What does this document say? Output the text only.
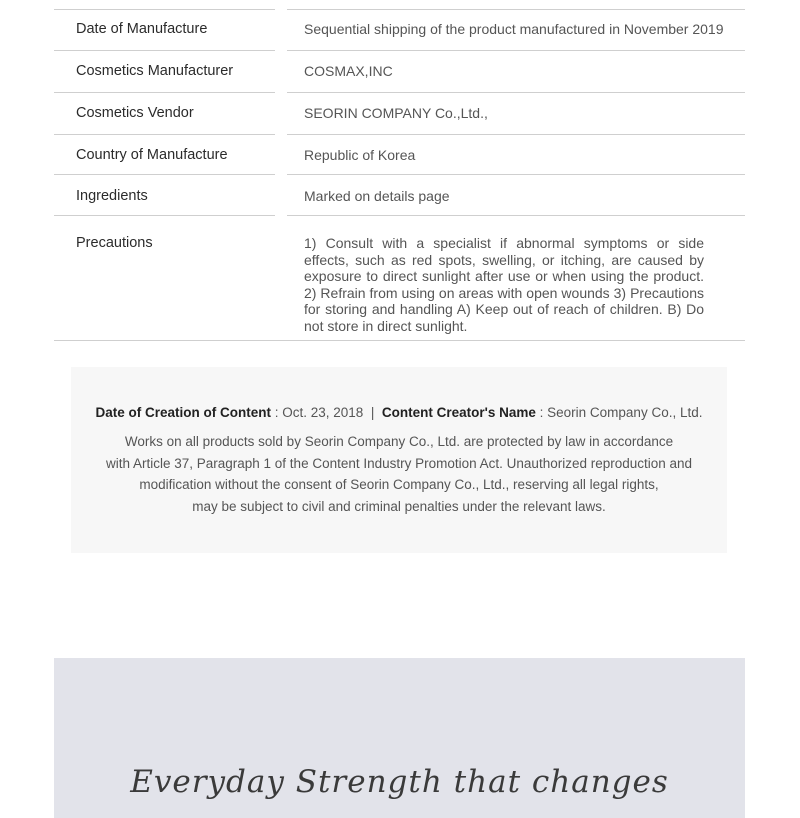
Date of Manufacture	Sequential shipping of the product manufactured in November 2019
Cosmetics Manufacturer	COSMAX,INC
Cosmetics Vendor	SEORIN COMPANY Co.,Ltd.,
Country of Manufacture	Republic of Korea
Ingredients	Marked on details page
Precautions	1) Consult with a specialist if abnormal symptoms or side effects, such as red spots, swelling, or itching, are caused by exposure to direct sunlight after use or when using the product. 2) Refrain from using on areas with open wounds 3) Precautions for storing and handling A) Keep out of reach of children. B) Do not store in direct sunlight.
Date of Creation of Content : Oct. 23, 2018 | Content Creator's Name : Seorin Company Co., Ltd.
Works on all products sold by Seorin Company Co., Ltd. are protected by law in accordance
with Article 37, Paragraph 1 of the Content Industry Promotion Act. Unauthorized reproduction and
modification without the consent of Seorin Company Co., Ltd., reserving all legal rights,
may be subject to civil and criminal penalties under the relevant laws.
Everyday Strength that changes
